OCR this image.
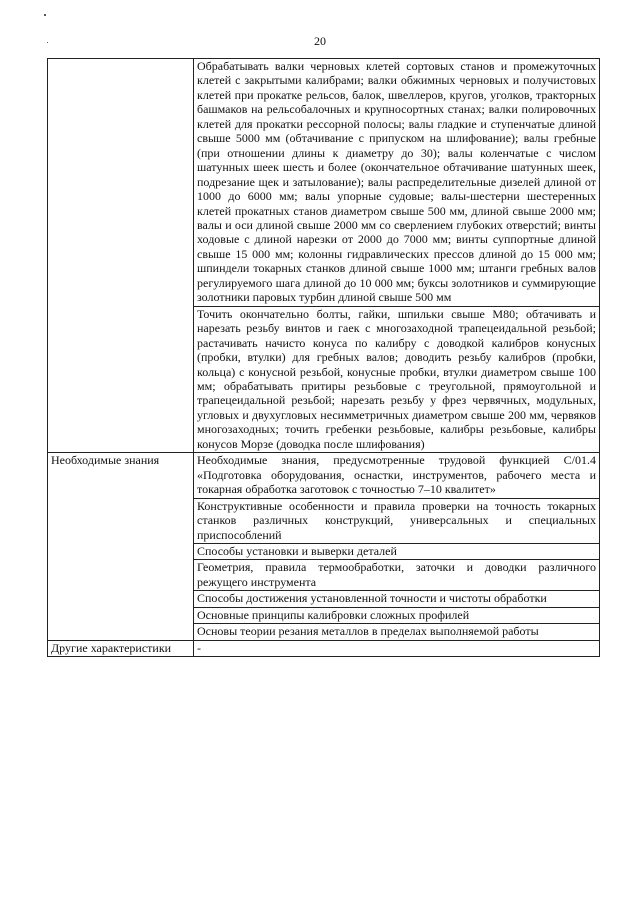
20
	Обрабатывать валки черновых клетей сортовых станов и промежуточных клетей с закрытыми калибрами; валки обжимных черновых и получистовых клетей при прокатке рельсов, балок, швеллеров, кругов, уголков, тракторных башмаков на рельсобалочных и крупносортных станах; валки полировочных клетей для прокатки рессорной полосы; валы гладкие и ступенчатые длиной свыше 5000 мм (обтачивание с припуском на шлифование); валы гребные (при отношении длины к диаметру до 30); валы коленчатые с числом шатунных шеек шесть и более (окончательное обтачивание шатунных шеек, подрезание щек и затылование); валы распределительные дизелей длиной от 1000 до 6000 мм; валы упорные судовые; валы-шестерни шестеренных клетей прокатных станов диаметром свыше 500 мм, длиной свыше 2000 мм; валы и оси длиной свыше 2000 мм со сверлением глубоких отверстий; винты ходовые с длиной нарезки от 2000 до 7000 мм; винты суппортные длиной свыше 15 000 мм; колонны гидравлических прессов длиной до 15 000 мм; шпиндели токарных станков длиной свыше 1000 мм; штанги гребных валов регулируемого шага длиной до 10 000 мм; буксы золотников и суммирующие золотники паровых турбин длиной свыше 500 мм
	Точить окончательно болты, гайки, шпильки свыше М80; обтачивать и нарезать резьбу винтов и гаек с многозаходной трапецеидальной резьбой; растачивать начисто конуса по калибру с доводкой калибров конусных (пробки, втулки) для гребных валов; доводить резьбу калибров (пробки, кольца) с конусной резьбой, конусные пробки, втулки диаметром свыше 100 мм; обрабатывать притиры резьбовые с треугольной, прямоугольной и трапецеидальной резьбой; нарезать резьбу у фрез червячных, модульных, угловых и двухугловых несимметричных диаметром свыше 200 мм, червяков многозаходных; точить гребенки резьбовые, калибры резьбовые, калибры конусов Морзе (доводка после шлифования)
Необходимые знания	Необходимые знания, предусмотренные трудовой функцией C/01.4 «Подготовка оборудования, оснастки, инструментов, рабочего места и токарная обработка заготовок с точностью 7–10 квалитет»
	Конструктивные особенности и правила проверки на точность токарных станков различных конструкций, универсальных и специальных приспособлений
	Способы установки и выверки деталей
	Геометрия, правила термообработки, заточки и доводки различного режущего инструмента
	Способы достижения установленной точности и чистоты обработки
	Основные принципы калибровки сложных профилей
	Основы теории резания металлов в пределах выполняемой работы
Другие характеристики	-
